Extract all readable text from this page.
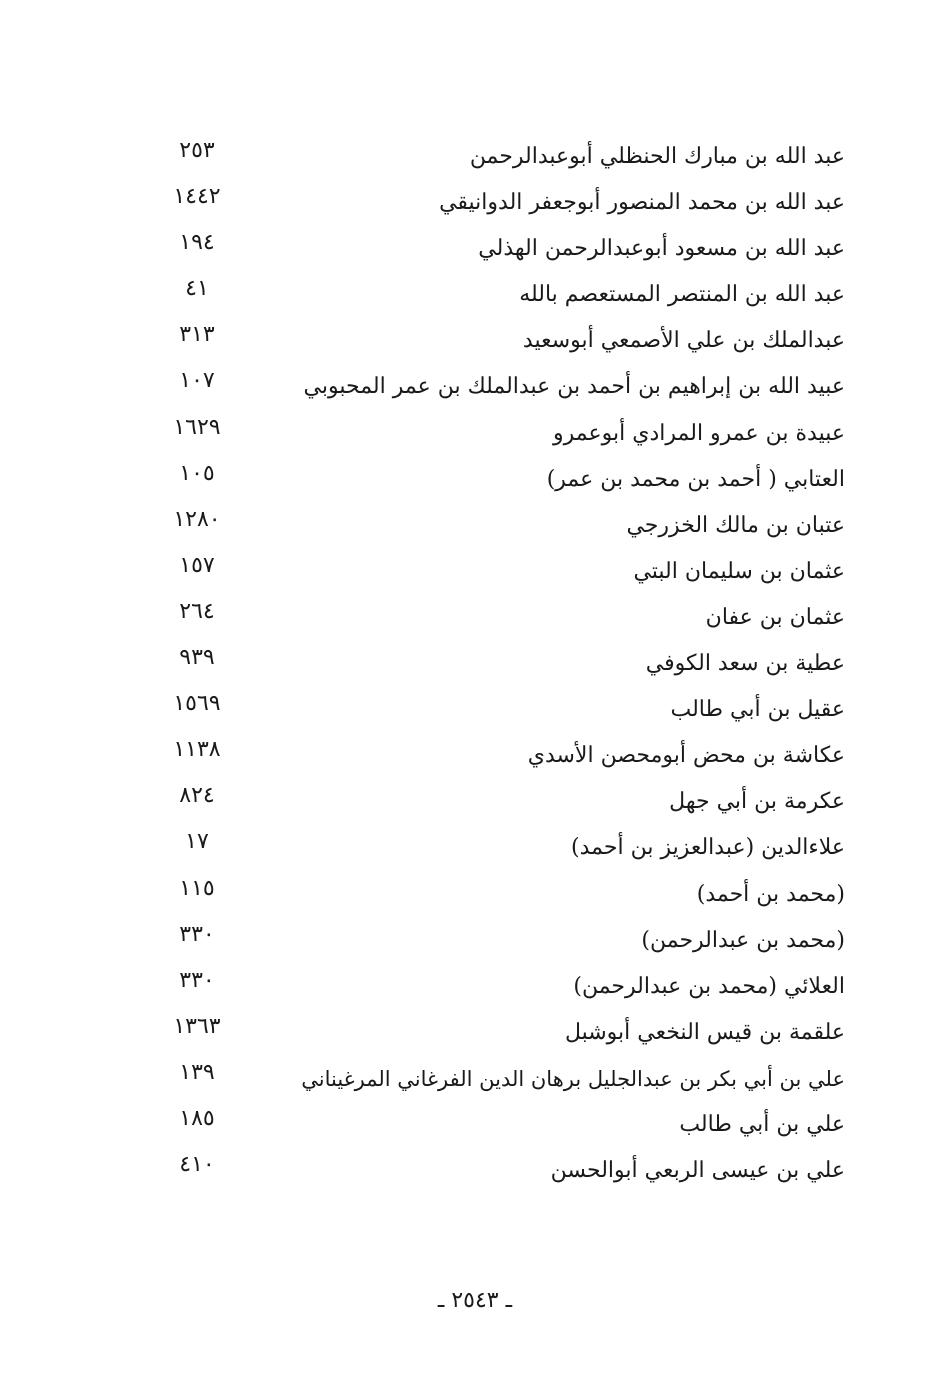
عبد الله بن مبارك الحنظلي أبوعبدالرحمن
٢٥٣
عبد الله بن محمد المنصور أبوجعفر الدوانيقي
١٤٤٢
عبد الله بن مسعود أبوعبدالرحمن الهذلي
١٩٤
عبد الله بن المنتصر المستعصم بالله
٤١
عبدالملك بن علي الأصمعي أبوسعيد
٣١٣
عبيد الله بن إبراهيم بن أحمد بن عبدالملك بن عمر المحبوبي
١٠٧
عبيدة بن عمرو المرادي أبوعمرو
١٦٢٩
العتابي ( أحمد بن محمد بن عمر)
١٠٥
عتبان بن مالك الخزرجي
١٢٨٠
عثمان بن سليمان البتي
١٥٧
عثمان بن عفان
٢٦٤
عطية بن سعد الكوفي
٩٣٩
عقيل بن أبي طالب
١٥٦٩
عكاشة بن محض أبومحصن الأسدي
١١٣٨
عكرمة بن أبي جهل
٨٢٤
علاءالدين (عبدالعزيز بن أحمد)
١٧
(محمد بن أحمد)
١١٥
(محمد بن عبدالرحمن)
٣٣٠
العلائي (محمد بن عبدالرحمن)
٣٣٠
علقمة بن قيس النخعي أبوشبل
١٣٦٣
علي بن أبي بكر بن عبدالجليل برهان الدين الفرغاني المرغيناني
١٣٩
علي بن أبي طالب
١٨٥
علي بن عيسى الربعي أبوالحسن
٤١٠
ـ ٢٥٤٣ ـ
